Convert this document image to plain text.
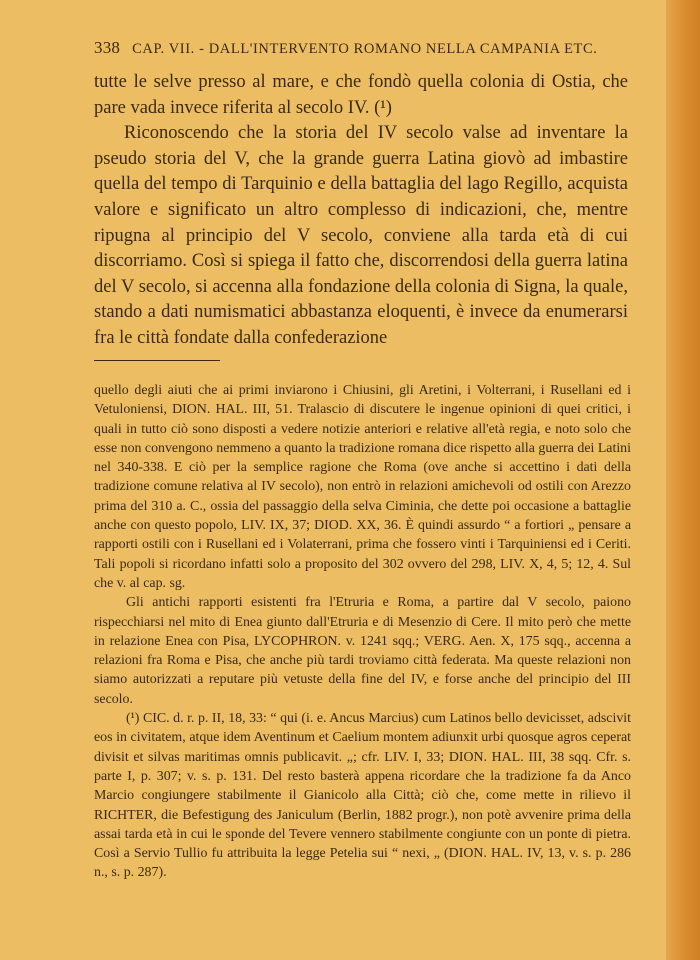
338 CAP. VII. - DALL'INTERVENTO ROMANO NELLA CAMPANIA ETC.

tutte le selve presso al mare, e che fondò quella colonia di Ostia, che pare vada invece riferita al secolo IV. (¹)

Riconoscendo che la storia del IV secolo valse ad inventare la pseudo storia del V, che la grande guerra Latina giovò ad imbastire quella del tempo di Tarquinio e della battaglia del lago Regillo, acquista valore e significato un altro complesso di indicazioni, che, mentre ripugna al principio del V secolo, conviene alla tarda età di cui discorriamo. Così si spiega il fatto che, discorrendosi della guerra latina del V secolo, si accenna alla fondazione della colonia di Signa, la quale, stando a dati numismatici abbastanza eloquenti, è invece da enumerarsi fra le città fondate dalla confederazione

quello degli aiuti che ai primi inviarono i Chiusini, gli Aretini, i Volterrani, i Rusellani ed i Vetuloniensi, DION. HAL. III, 51. Tralascio di discutere le ingenue opinioni di quei critici, i quali in tutto ciò sono disposti a vedere notizie anteriori e relative all'età regia, e noto solo che esse non convengono nemmeno a quanto la tradizione romana dice rispetto alla guerra dei Latini nel 340-338. E ciò per la semplice ragione che Roma (ove anche si accettino i dati della tradizione comune relativa al IV secolo), non entrò in relazioni amichevoli od ostili con Arezzo prima del 310 a. C., ossia del passaggio della selva Ciminia, che dette poi occasione a battaglie anche con questo popolo, LIV. IX, 37; DIOD. XX, 36. È quindi assurdo “ a fortiori „ pensare a rapporti ostili con i Rusellani ed i Volaterrani, prima che fossero vinti i Tarquiniensi ed i Ceriti. Tali popoli si ricordano infatti solo a proposito del 302 ovvero del 298, LIV. X, 4, 5; 12, 4. Sul che v. al cap. sg.

Gli antichi rapporti esistenti fra l'Etruria e Roma, a partire dal V secolo, paiono rispecchiarsi nel mito di Enea giunto dall'Etruria e di Mesenzio di Cere. Il mito però che mette in relazione Enea con Pisa, LYCOPHRON. v. 1241 sqq.; VERG. Aen. X, 175 sqq., accenna a relazioni fra Roma e Pisa, che anche più tardi troviamo città federata. Ma queste relazioni non siamo autorizzati a reputare più vetuste della fine del IV, e forse anche del principio del III secolo.

(¹) CIC. d. r. p. II, 18, 33: “ qui (i. e. Ancus Marcius) cum Latinos bello devicisset, adscivit eos in civitatem, atque idem Aventinum et Caelium montem adiunxit urbi quosque agros ceperat divisit et silvas maritimas omnis publicavit. „; cfr. LIV. I, 33; DION. HAL. III, 38 sqq. Cfr. s. parte I, p. 307; v. s. p. 131. Del resto basterà appena ricordare che la tradizione fa da Anco Marcio congiungere stabilmente il Gianicolo alla Città; ciò che, come mette in rilievo il RICHTER, die Befestigung des Janiculum (Berlin, 1882 progr.), non potè avvenire prima della assai tarda età in cui le sponde del Tevere vennero stabilmente congiunte con un ponte di pietra. Così a Servio Tullio fu attribuita la legge Petelia sui “ nexi, „ (DION. HAL. IV, 13, v. s. p. 286 n., s. p. 287).
